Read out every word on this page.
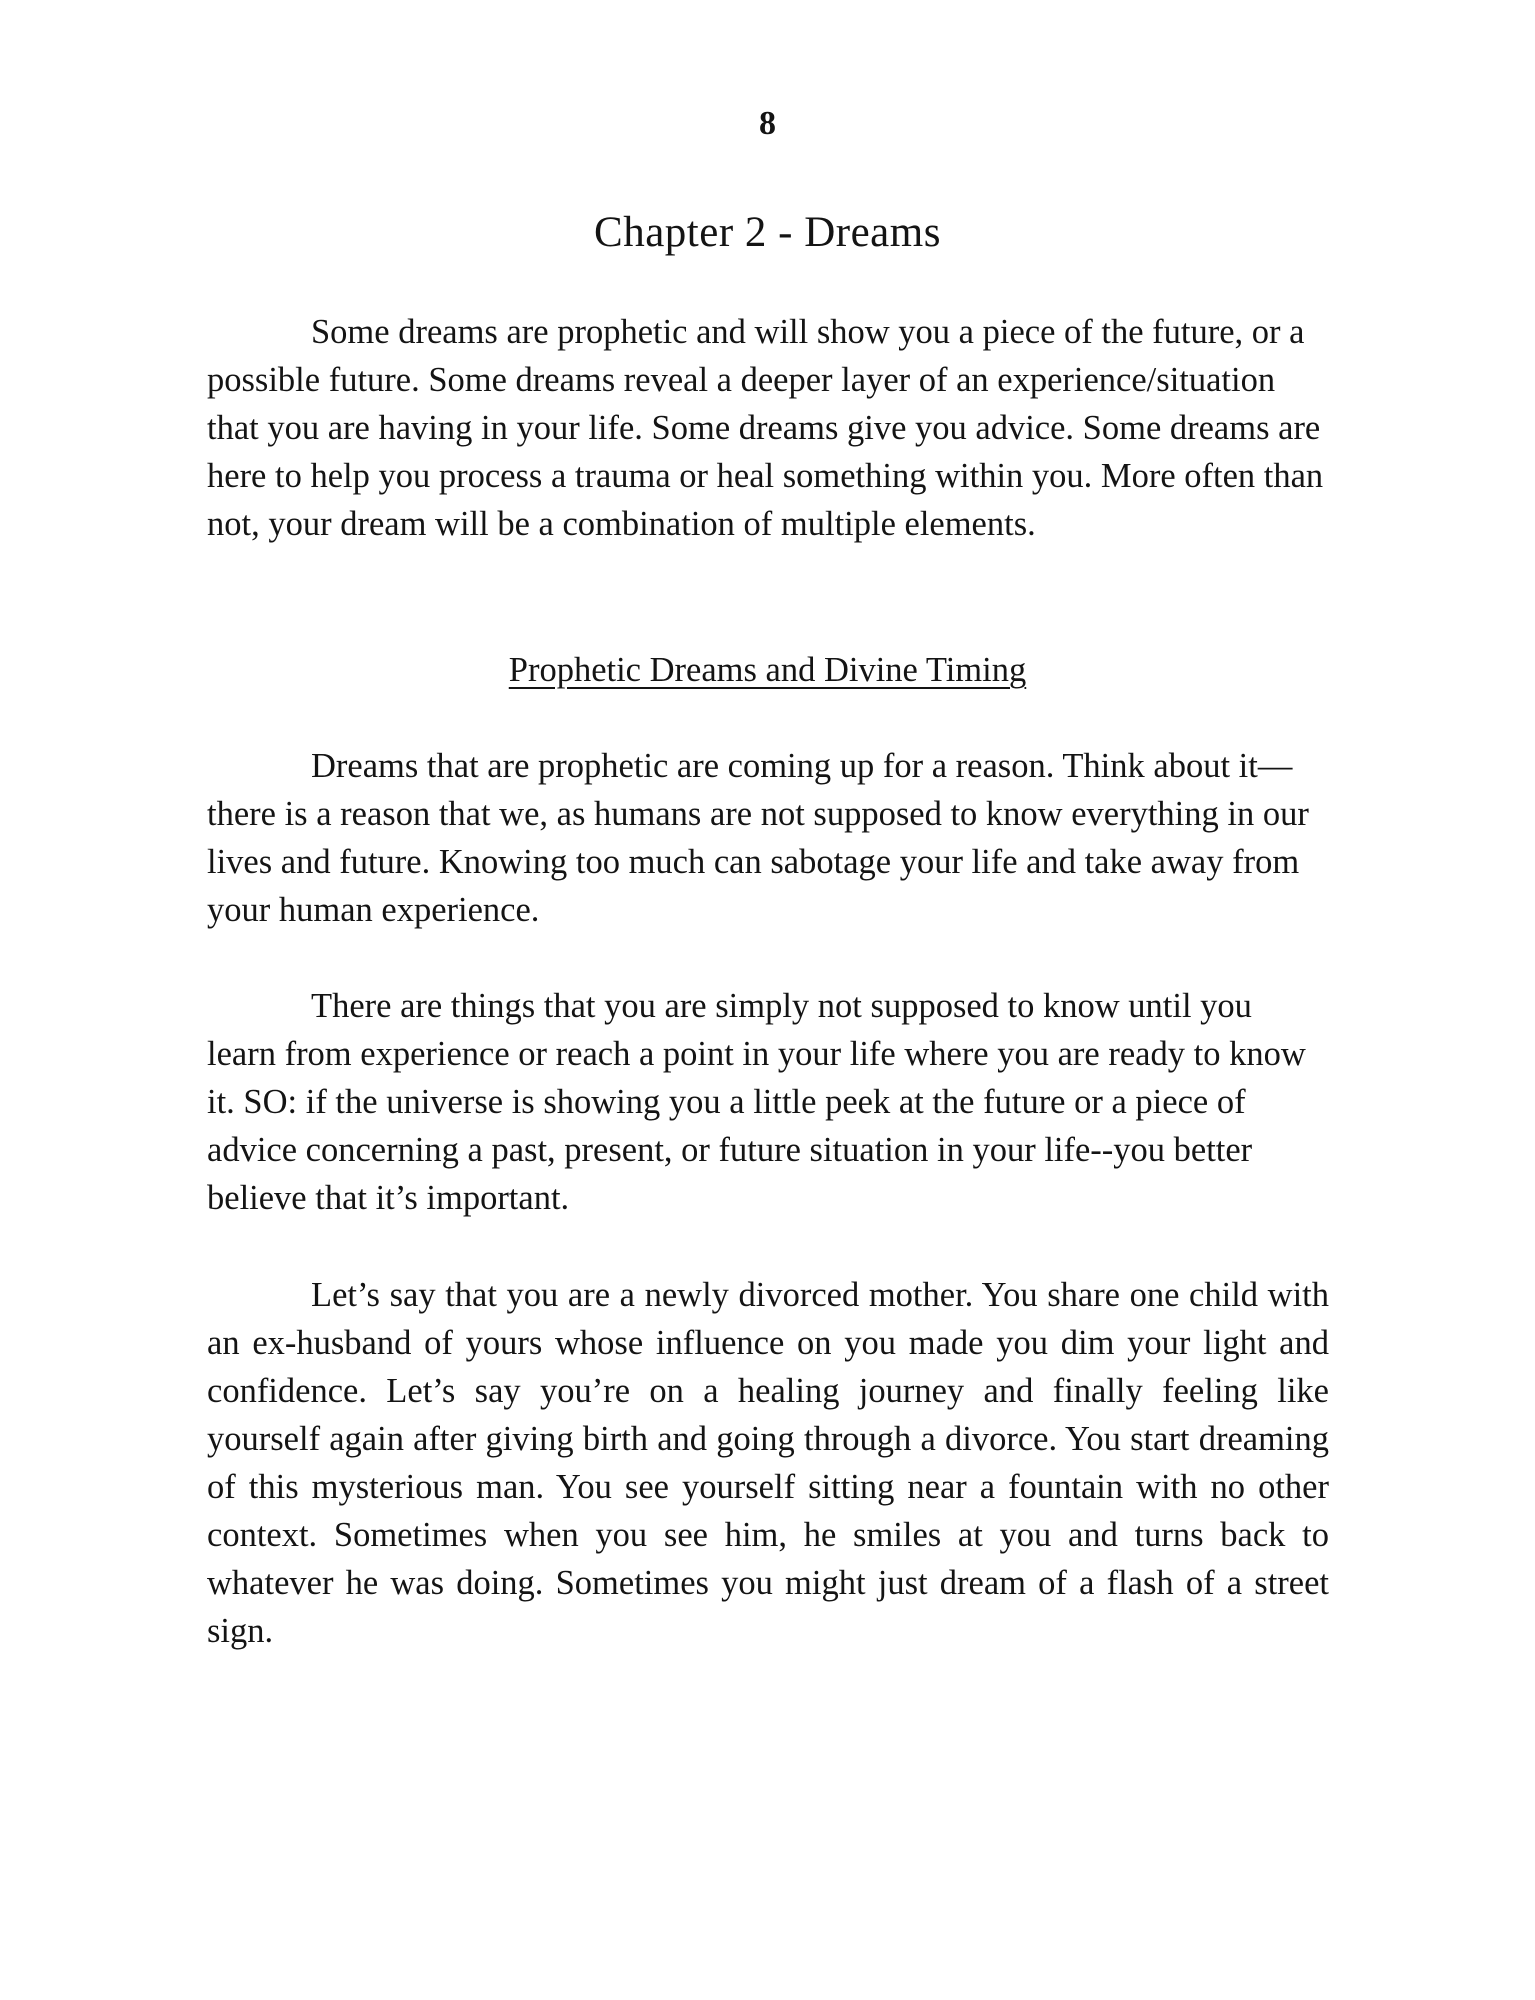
8
Chapter 2 - Dreams

Some dreams are prophetic and will show you a piece of the future, or a possible future. Some dreams reveal a deeper layer of an experience/situation that you are having in your life. Some dreams give you advice. Some dreams are here to help you process a trauma or heal something within you. More often than not, your dream will be a combination of multiple elements.

Prophetic Dreams and Divine Timing

Dreams that are prophetic are coming up for a reason. Think about it—there is a reason that we, as humans are not supposed to know everything in our lives and future. Knowing too much can sabotage your life and take away from your human experience.

There are things that you are simply not supposed to know until you learn from experience or reach a point in your life where you are ready to know it. SO: if the universe is showing you a little peek at the future or a piece of advice concerning a past, present, or future situation in your life--you better believe that it’s important.

Let’s say that you are a newly divorced mother. You share one child with an ex-husband of yours whose influence on you made you dim your light and confidence. Let’s say you’re on a healing journey and finally feeling like yourself again after giving birth and going through a divorce. You start dreaming of this mysterious man. You see yourself sitting near a fountain with no other context. Sometimes when you see him, he smiles at you and turns back to whatever he was doing. Sometimes you might just dream of a flash of a street sign.
